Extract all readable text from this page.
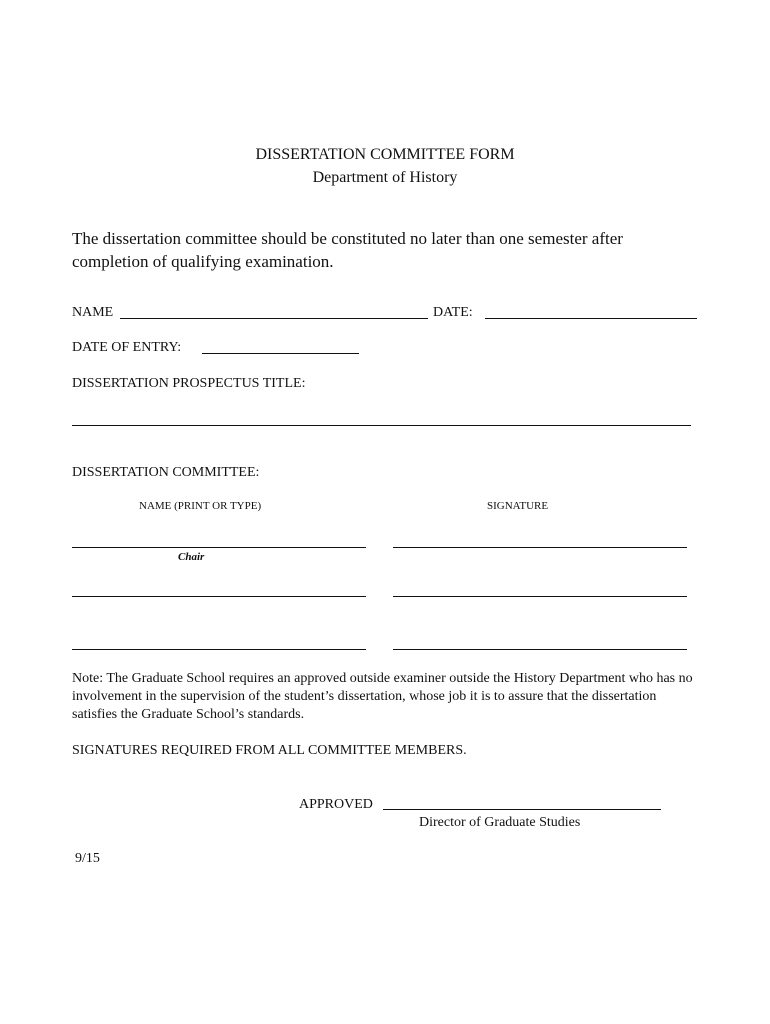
DISSERTATION COMMITTEE FORM
Department of History
The dissertation committee should be constituted no later than one semester after completion of qualifying examination.
NAME	DATE:
DATE OF ENTRY:
DISSERTATION PROSPECTUS TITLE:
DISSERTATION COMMITTEE:
NAME (PRINT OR TYPE)	SIGNATURE
Chair
Note: The Graduate School requires an approved outside examiner outside the History Department who has no involvement in the supervision of the student’s dissertation, whose job it is to assure that the dissertation satisfies the Graduate School’s standards.
SIGNATURES REQUIRED FROM ALL COMMITTEE MEMBERS.
APPROVED
Director of Graduate Studies
9/15
